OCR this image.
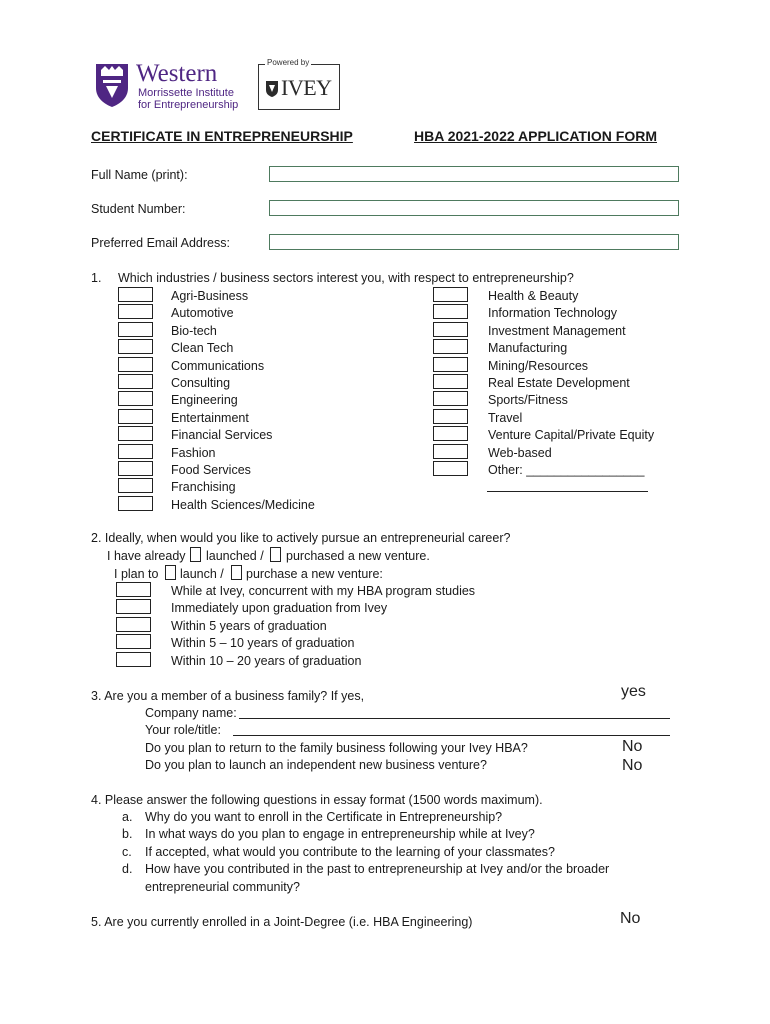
Western
Morrissette Institute
for Entrepreneurship
Powered by
IVEY
CERTIFICATE IN ENTREPRENEURSHIP	HBA 2021-2022 APPLICATION FORM
Full Name (print):
Student Number:
Preferred Email Address:
1. Which industries / business sectors interest you, with respect to entrepreneurship?
Agri-Business
Automotive
Bio-tech
Clean Tech
Communications
Consulting
Engineering
Entertainment
Financial Services
Fashion
Food Services
Franchising
Health Sciences/Medicine
Health & Beauty
Information Technology
Investment Management
Manufacturing
Mining/Resources
Real Estate Development
Sports/Fitness
Travel
Venture Capital/Private Equity
Web-based
Other: _________________
2. Ideally, when would you like to actively pursue an entrepreneurial career?
I have already launched / purchased a new venture.
I plan to launch / purchase a new venture:
While at Ivey, concurrent with my HBA program studies
Immediately upon graduation from Ivey
Within 5 years of graduation
Within 5 – 10 years of graduation
Within 10 – 20 years of graduation
3. Are you a member of a business family? If yes,	yes
Company name:
Your role/title:
Do you plan to return to the family business following your Ivey HBA?	No
Do you plan to launch an independent new business venture?	No
4. Please answer the following questions in essay format (1500 words maximum).
a. Why do you want to enroll in the Certificate in Entrepreneurship?
b. In what ways do you plan to engage in entrepreneurship while at Ivey?
c. If accepted, what would you contribute to the learning of your classmates?
d. How have you contributed in the past to entrepreneurship at Ivey and/or the broader
entrepreneurial community?
5. Are you currently enrolled in a Joint-Degree (i.e. HBA Engineering)	No
